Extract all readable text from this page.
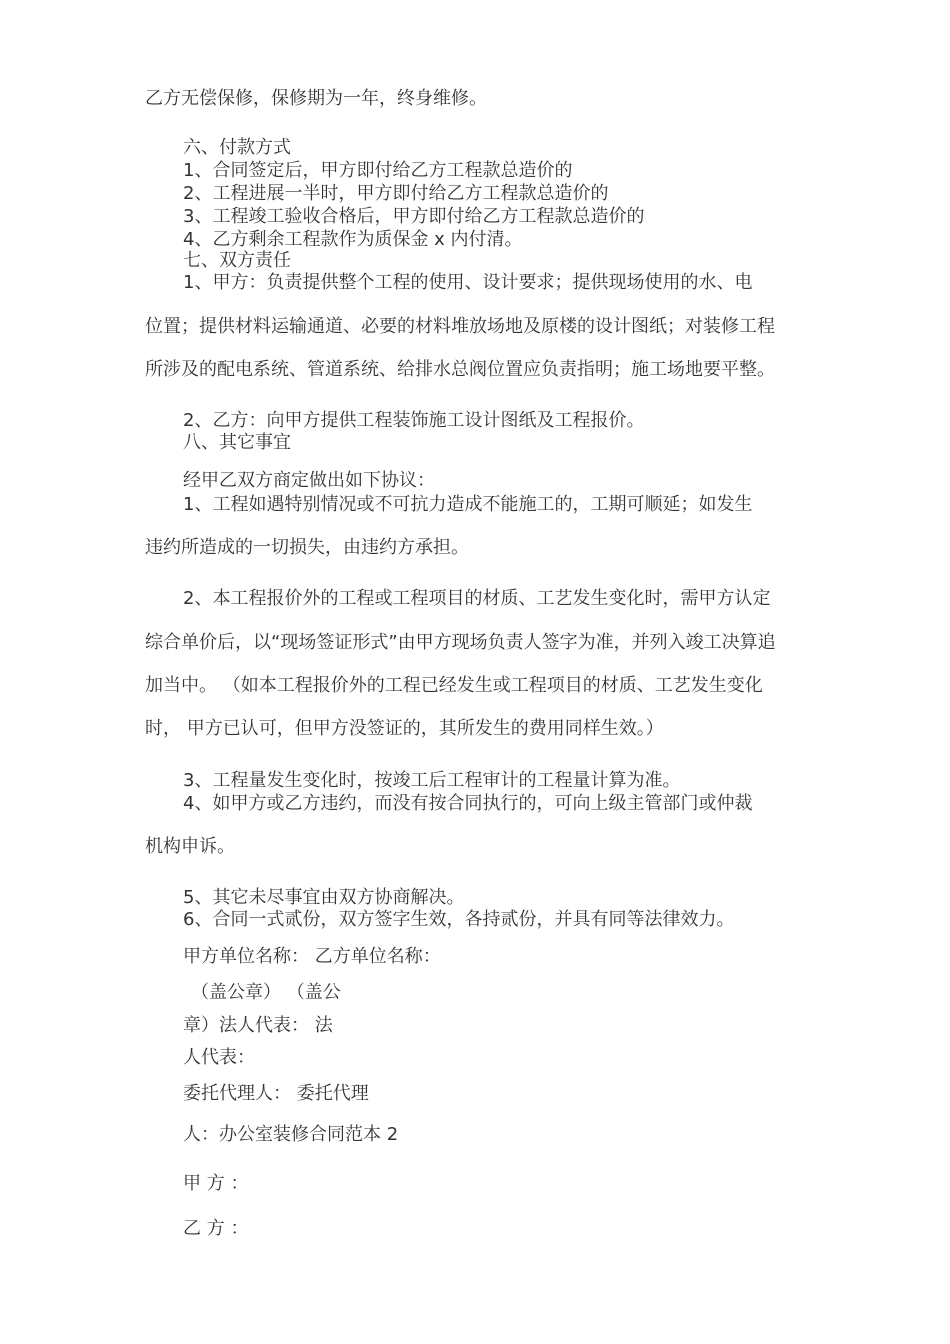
乙方无偿保修，保修期为一年，终身维修。
六、付款方式
1、合同签定后，甲方即付给乙方工程款总造价的
2、工程进展一半时，甲方即付给乙方工程款总造价的
3、工程竣工验收合格后，甲方即付给乙方工程款总造价的
4、乙方剩余工程款作为质保金 x 内付清。
七、双方责任
1、甲方：负责提供整个工程的使用、设计要求；提供现场使用的水、电
位置；提供材料运输通道、必要的材料堆放场地及原楼的设计图纸；对装修工程
所涉及的配电系统、管道系统、给排水总阀位置应负责指明；施工场地要平整。
2、乙方：向甲方提供工程装饰施工设计图纸及工程报价。
八、其它事宜
经甲乙双方商定做出如下协议：
1、工程如遇特别情况或不可抗力造成不能施工的，工期可顺延；如发生
违约所造成的一切损失，由违约方承担。
2、本工程报价外的工程或工程项目的材质、工艺发生变化时，需甲方认定
综合单价后，以“现场签证形式”由甲方现场负责人签字为准，并列入竣工决算追
加当中。 （如本工程报价外的工程已经发生或工程项目的材质、工艺发生变化
时， 甲方已认可，但甲方没签证的，其所发生的费用同样生效。）
3、工程量发生变化时，按竣工后工程审计的工程量计算为准。
4、如甲方或乙方违约，而没有按合同执行的，可向上级主管部门或仲裁
机构申诉。
5、其它未尽事宜由双方协商解决。
6、合同一式贰份，双方签字生效，各持贰份，并具有同等法律效力。
甲方单位名称： 乙方单位名称：
（盖公章） （盖公
章）法人代表： 法
人代表：
委托代理人： 委托代理
人：办公室装修合同范本 2
甲 方 ：
乙 方 ：
